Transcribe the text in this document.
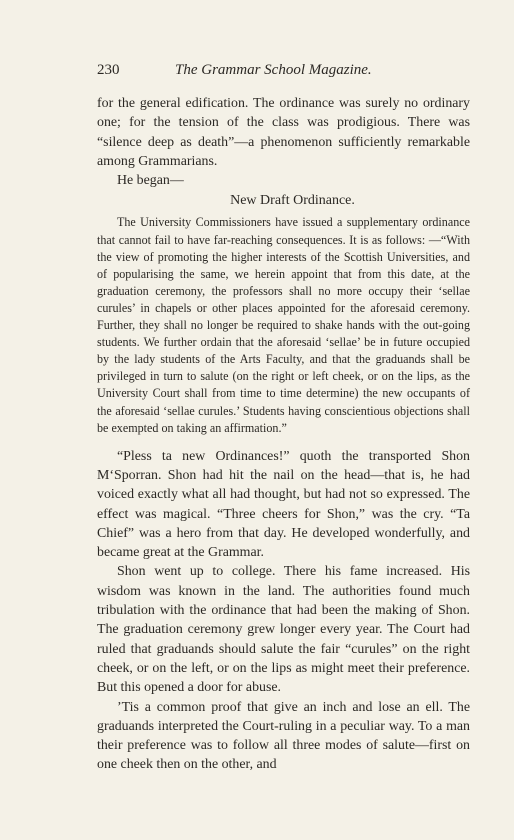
230	The Grammar School Magazine.

for the general edification. The ordinance was surely no ordinary one; for the tension of the class was prodigious. There was “silence deep as death”—a phenomenon sufficiently remarkable among Grammarians.

He began—

New Draft Ordinance.

The University Commissioners have issued a supplementary ordinance that cannot fail to have far-reaching consequences. It is as follows: —“With the view of promoting the higher interests of the Scottish Universities, and of popularising the same, we herein appoint that from this date, at the graduation ceremony, the professors shall no more occupy their ‘sellae curules’ in chapels or other places appointed for the aforesaid ceremony. Further, they shall no longer be required to shake hands with the out-going students. We further ordain that the aforesaid ‘sellae’ be in future occupied by the lady students of the Arts Faculty, and that the graduands shall be privileged in turn to salute (on the right or left cheek, or on the lips, as the University Court shall from time to time determine) the new occupants of the aforesaid ‘sellae curules.’ Students having conscientious objections shall be exempted on taking an affirmation.”

“Pless ta new Ordinances!” quoth the transported Shon M‘Sporran. Shon had hit the nail on the head—that is, he had voiced exactly what all had thought, but had not so expressed. The effect was magical. “Three cheers for Shon,” was the cry. “Ta Chief” was a hero from that day. He developed wonderfully, and became great at the Grammar.

Shon went up to college. There his fame increased. His wisdom was known in the land. The authorities found much tribulation with the ordinance that had been the making of Shon. The graduation ceremony grew longer every year. The Court had ruled that graduands should salute the fair “curules” on the right cheek, or on the left, or on the lips as might meet their preference. But this opened a door for abuse.

’Tis a common proof that give an inch and lose an ell. The graduands interpreted the Court-ruling in a peculiar way. To a man their preference was to follow all three modes of salute—first on one cheek then on the other, and
